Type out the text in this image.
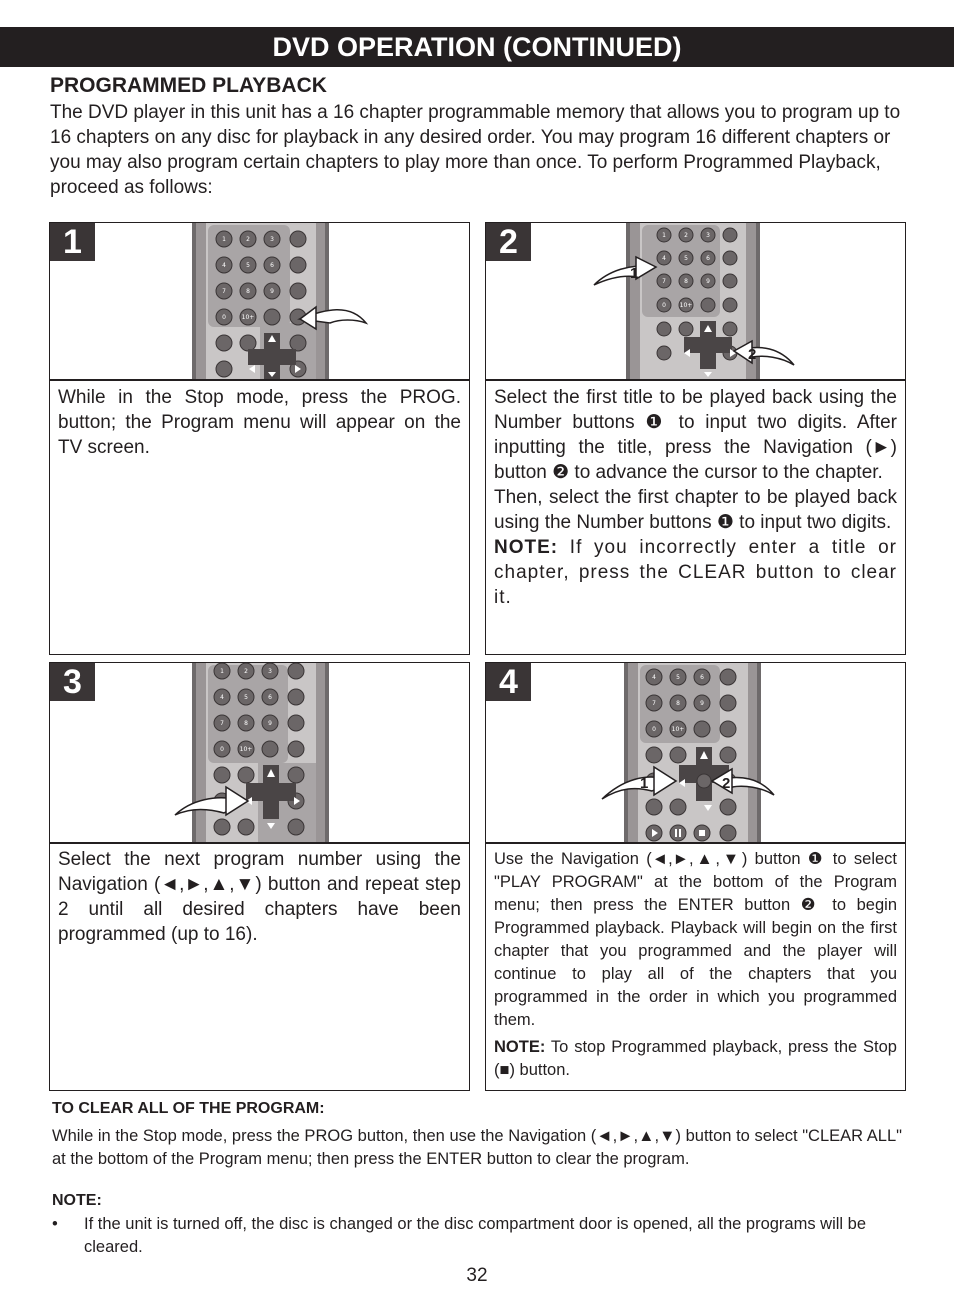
DVD OPERATION (CONTINUED)
PROGRAMMED PLAYBACK
The DVD player in this unit has a 16 chapter programmable memory that allows you to program up to 16 chapters on any disc for playback in any desired order. You may program 16 different chapters or you may also program certain chapters to play more than once. To perform Programmed Playback, proceed as follows:
1	2	3
4	5	6
7	8	9
0	10+
1
While in the Stop mode, press the PROG. button; the Program menu will appear on the TV screen.
1	2	3
4	5	6
7	8	9
0 10+
1
2
2

Select the first title to be played back using the Number buttons ❶ to input two digits. After inputting the title, press the Navigation (►) button ❷ to advance the cursor to the chapter.

Then, select the first chapter to be played back using the Number buttons ❶ to input two digits.

NOTE: If you incorrectly enter a title or chapter, press the CLEAR button to clear it.

1	2	3
4	5	6
7	8	9
0	10+
3
Select the next program number using the Navigation (◄,►,▲,▼) button and repeat step 2 until all desired chapters have been programmed (up to 16).
4	5	6
7	8	9
0	10+
1	2
4

Use the Navigation (◄,►,▲,▼) button ❶ to select "PLAY PROGRAM" at the bottom of the Program menu; then press the ENTER button ❷ to begin Programmed playback. Playback will begin on the first chapter that you programmed and the player will continue to play all of the chapters that you programmed in the order in which you programmed them.

NOTE: To stop Programmed playback, press the Stop (■) button.

TO CLEAR ALL OF THE PROGRAM:
While in the Stop mode, press the PROG button, then use the Navigation (◄,►,▲,▼) button to select "CLEAR ALL" at the bottom of the Program menu; then press the ENTER button to clear the program.
NOTE:
• If the unit is turned off, the disc is changed or the disc compartment door is opened, all the programs will be cleared.
32
